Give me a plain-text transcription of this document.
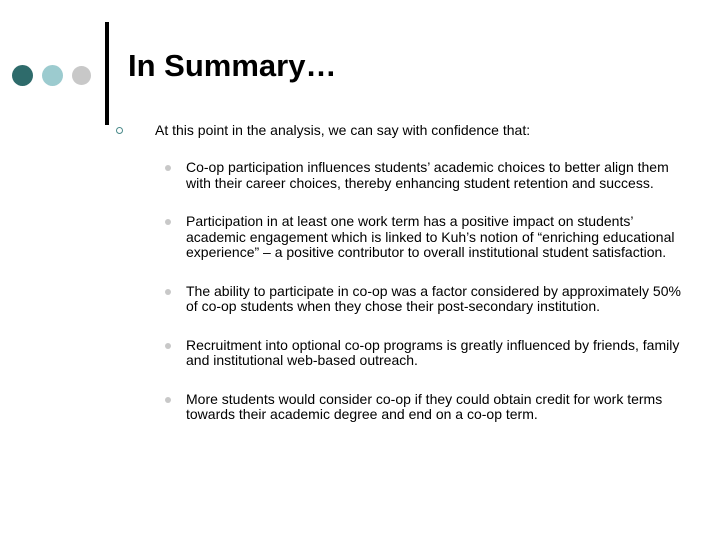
In Summary…
At this point in the analysis, we can say with confidence that:
Co-op participation influences students’ academic choices to better align them with their career choices, thereby enhancing student retention and success.
Participation in at least one work term has a positive impact on students’ academic engagement which is linked to Kuh’s notion of “enriching educational experience” – a positive contributor to overall institutional student satisfaction.
The ability to participate in co-op was a factor considered by approximately 50% of co-op students when they chose their post-secondary institution.
Recruitment into optional co-op programs is greatly influenced by friends, family and institutional web-based outreach.
More students would consider co-op if they could obtain credit for work terms towards their academic degree and end on a co-op term.
